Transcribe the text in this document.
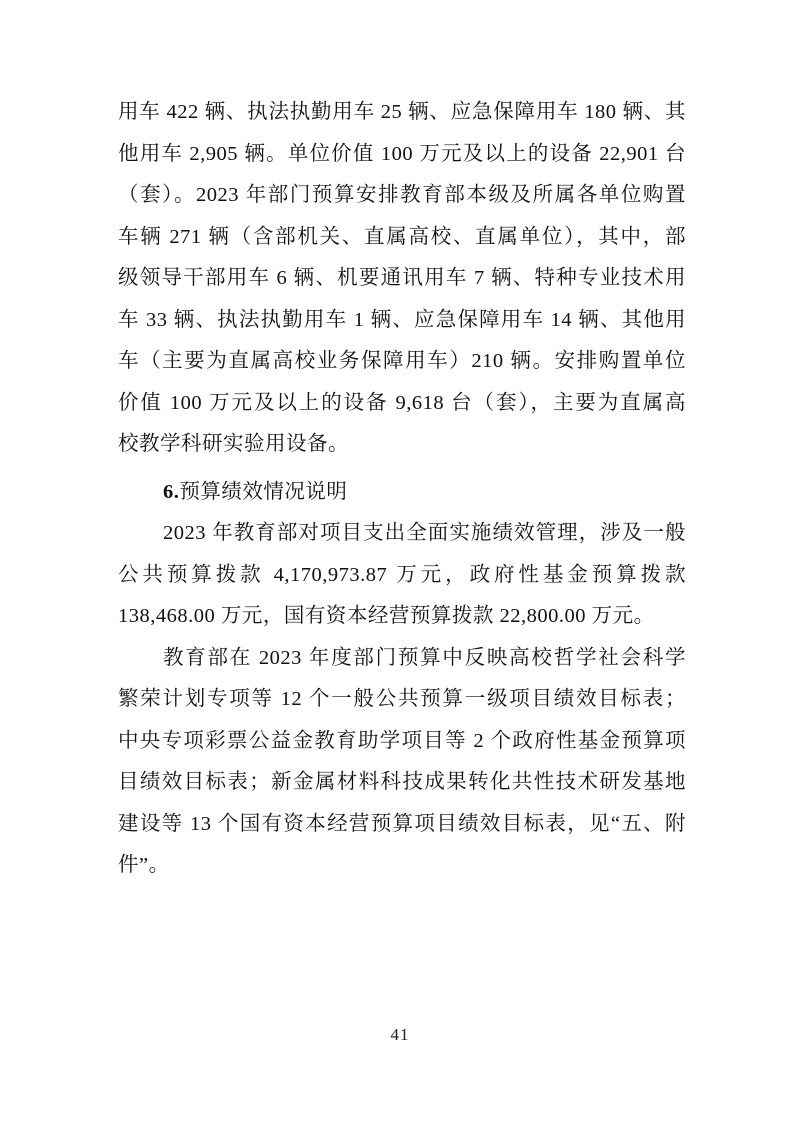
用车 422 辆、执法执勤用车 25 辆、应急保障用车 180 辆、其
他用车 2,905 辆。单位价值 100 万元及以上的设备 22,901 台
（套）。2023 年部门预算安排教育部本级及所属各单位购置
车辆 271 辆（含部机关、直属高校、直属单位），其中，部
级领导干部用车 6 辆、机要通讯用车 7 辆、特种专业技术用
车 33 辆、执法执勤用车 1 辆、应急保障用车 14 辆、其他用
车（主要为直属高校业务保障用车）210 辆。安排购置单位
价值 100 万元及以上的设备 9,618 台（套），主要为直属高
校教学科研实验用设备。
6.预算绩效情况说明
2023 年教育部对项目支出全面实施绩效管理，涉及一般
公共预算拨款 4,170,973.87 万元，政府性基金预算拨款
138,468.00 万元，国有资本经营预算拨款 22,800.00 万元。
教育部在 2023 年度部门预算中反映高校哲学社会科学
繁荣计划专项等 12 个一般公共预算一级项目绩效目标表；
中央专项彩票公益金教育助学项目等 2 个政府性基金预算项
目绩效目标表；新金属材料科技成果转化共性技术研发基地
建设等 13 个国有资本经营预算项目绩效目标表，见“五、附
件”。
41
